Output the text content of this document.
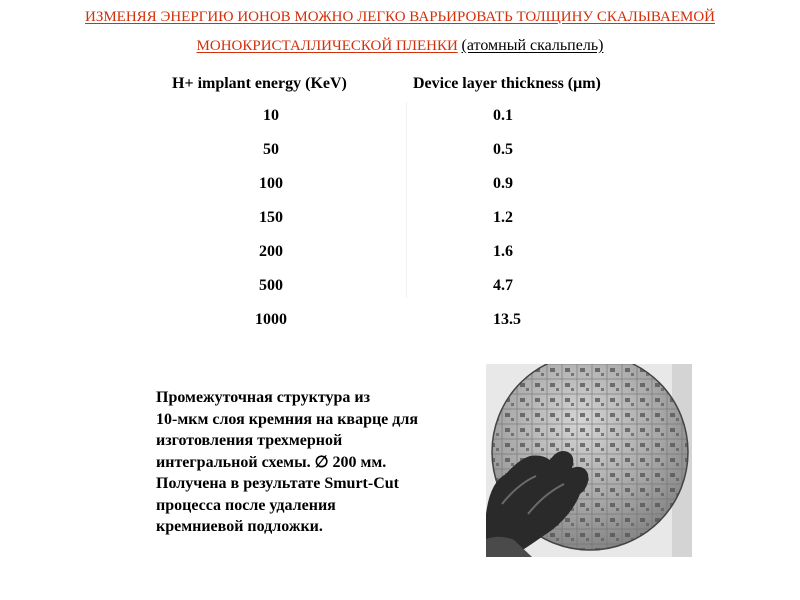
ИЗМЕНЯЯ ЭНЕРГИЮ ИОНОВ МОЖНО ЛЕГКО ВАРЬИРОВАТЬ ТОЛЩИНУ СКАЛЫВАЕМОЙ
МОНОКРИСТАЛЛИЧЕСКОЙ ПЛЕНКИ (атомный скальпель)
H+ implant energy (KeV)	Device layer thickness (μm)
10	0.1
50	0.5
100	0.9
150	1.2
200	1.6
500	4.7
1000	13.5
Промежуточная структура из
10-мкм слоя кремния на кварце для
изготовления трехмерной
интегральной схемы. ∅ 200 мм.
Получена в результате Smurt-Cut
процесса после удаления
кремниевой подложки.
